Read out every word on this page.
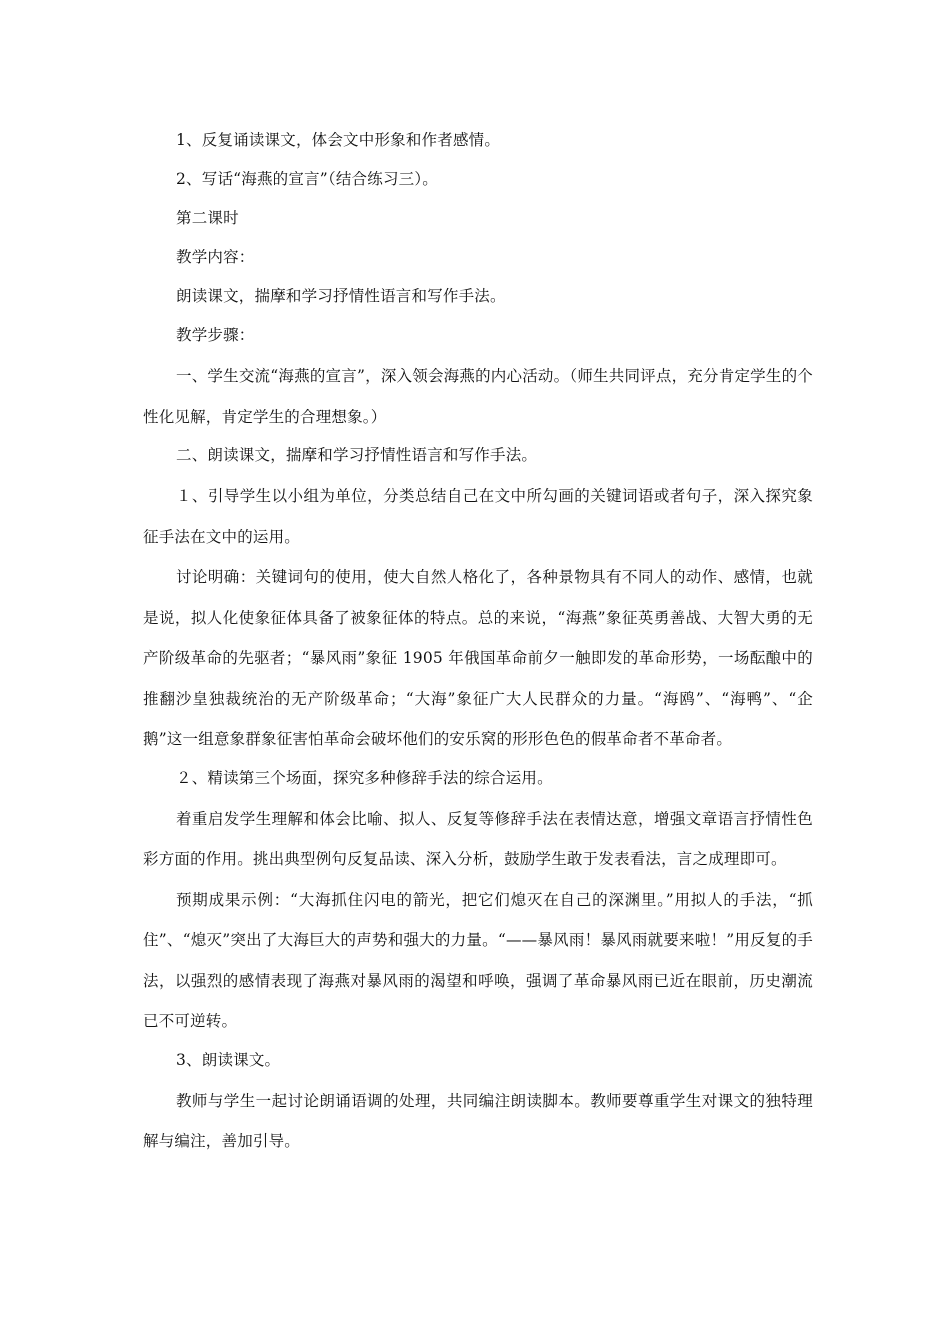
1、反复诵读课文，体会文中形象和作者感情。

2、写话“海燕的宣言”（结合练习三）。

第二课时

教学内容：

朗读课文，揣摩和学习抒情性语言和写作手法。

教学步骤：

一、学生交流“海燕的宣言”，深入领会海燕的内心活动。（师生共同评点，充分肯定学生的个性化见解，肯定学生的合理想象。）

二、朗读课文，揣摩和学习抒情性语言和写作手法。

１、引导学生以小组为单位，分类总结自己在文中所勾画的关键词语或者句子，深入探究象征手法在文中的运用。

讨论明确：关键词句的使用，使大自然人格化了，各种景物具有不同人的动作、感情，也就是说，拟人化使象征体具备了被象征体的特点。总的来说，“海燕”象征英勇善战、大智大勇的无产阶级革命的先驱者；“暴风雨”象征 1905 年俄国革命前夕一触即发的革命形势，一场酝酿中的推翻沙皇独裁统治的无产阶级革命；“大海”象征广大人民群众的力量。“海鸥”、“海鸭”、“企鹅”这一组意象群象征害怕革命会破坏他们的安乐窝的形形色色的假革命者不革命者。

２、精读第三个场面，探究多种修辞手法的综合运用。

着重启发学生理解和体会比喻、拟人、反复等修辞手法在表情达意，增强文章语言抒情性色彩方面的作用。挑出典型例句反复品读、深入分析，鼓励学生敢于发表看法，言之成理即可。

预期成果示例：“大海抓住闪电的箭光，把它们熄灭在自己的深渊里。”用拟人的手法，“抓住”、“熄灭”突出了大海巨大的声势和强大的力量。“——暴风雨！暴风雨就要来啦！”用反复的手法，以强烈的感情表现了海燕对暴风雨的渴望和呼唤，强调了革命暴风雨已近在眼前，历史潮流已不可逆转。

3、朗读课文。

教师与学生一起讨论朗诵语调的处理，共同编注朗读脚本。教师要尊重学生对课文的独特理解与编注，善加引导。
